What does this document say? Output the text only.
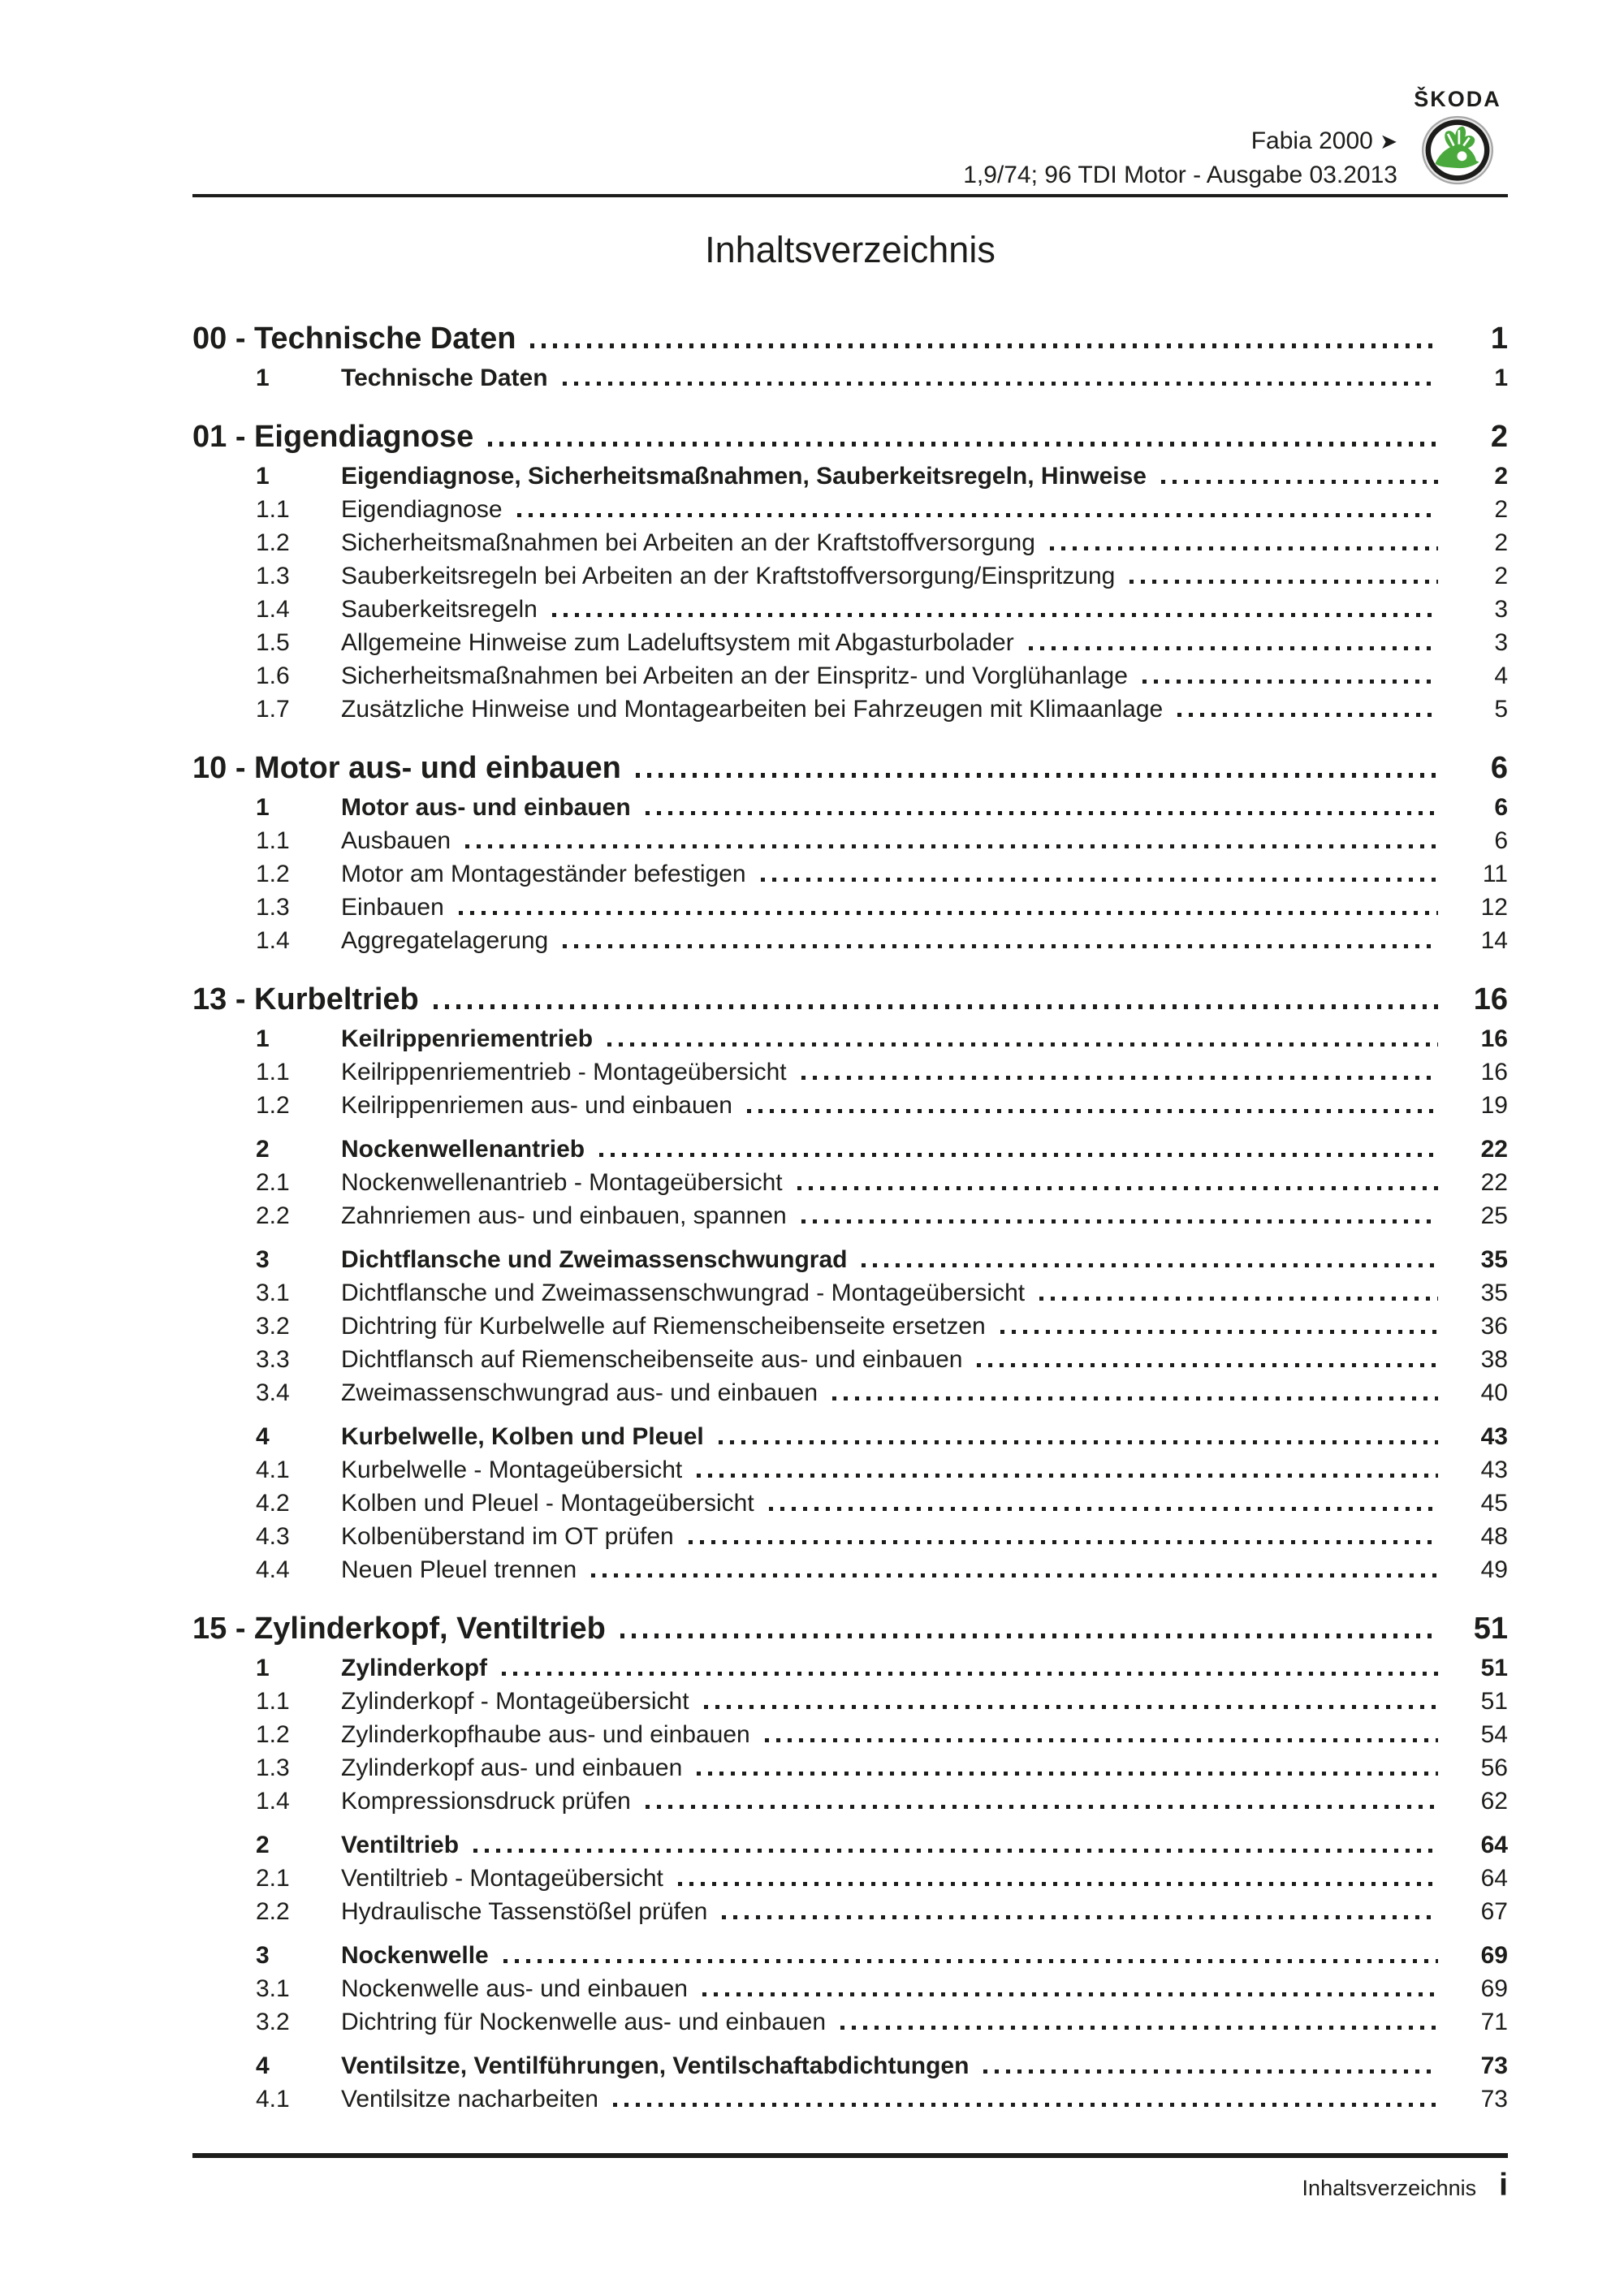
Fabia 2000 ➤
1,9/74; 96 TDI Motor - Ausgabe 03.2013
ŠKODA
Inhaltsverzeichnis
00 - Technische Daten	1
1	Technische Daten	1
01 - Eigendiagnose	2
1	Eigendiagnose, Sicherheitsmaßnahmen, Sauberkeitsregeln, Hinweise	2
1.1	Eigendiagnose	2
1.2	Sicherheitsmaßnahmen bei Arbeiten an der Kraftstoffversorgung	2
1.3	Sauberkeitsregeln bei Arbeiten an der Kraftstoffversorgung/Einspritzung	2
1.4	Sauberkeitsregeln	3
1.5	Allgemeine Hinweise zum Ladeluftsystem mit Abgasturbolader	3
1.6	Sicherheitsmaßnahmen bei Arbeiten an der Einspritz- und Vorglühanlage	4
1.7	Zusätzliche Hinweise und Montagearbeiten bei Fahrzeugen mit Klimaanlage	5
10 - Motor aus- und einbauen	6
1	Motor aus- und einbauen	6
1.1	Ausbauen	6
1.2	Motor am Montageständer befestigen	11
1.3	Einbauen	12
1.4	Aggregatelagerung	14
13 - Kurbeltrieb	16
1	Keilrippenriementrieb	16
1.1	Keilrippenriementrieb - Montageübersicht	16
1.2	Keilrippenriemen aus- und einbauen	19
2	Nockenwellenantrieb	22
2.1	Nockenwellenantrieb - Montageübersicht	22
2.2	Zahnriemen aus- und einbauen, spannen	25
3	Dichtflansche und Zweimassenschwungrad	35
3.1	Dichtflansche und Zweimassenschwungrad - Montageübersicht	35
3.2	Dichtring für Kurbelwelle auf Riemenscheibenseite ersetzen	36
3.3	Dichtflansch auf Riemenscheibenseite aus- und einbauen	38
3.4	Zweimassenschwungrad aus- und einbauen	40
4	Kurbelwelle, Kolben und Pleuel	43
4.1	Kurbelwelle - Montageübersicht	43
4.2	Kolben und Pleuel - Montageübersicht	45
4.3	Kolbenüberstand im OT prüfen	48
4.4	Neuen Pleuel trennen	49
15 - Zylinderkopf, Ventiltrieb	51
1	Zylinderkopf	51
1.1	Zylinderkopf - Montageübersicht	51
1.2	Zylinderkopfhaube aus- und einbauen	54
1.3	Zylinderkopf aus- und einbauen	56
1.4	Kompressionsdruck prüfen	62
2	Ventiltrieb	64
2.1	Ventiltrieb - Montageübersicht	64
2.2	Hydraulische Tassenstößel prüfen	67
3	Nockenwelle	69
3.1	Nockenwelle aus- und einbauen	69
3.2	Dichtring für Nockenwelle aus- und einbauen	71
4	Ventilsitze, Ventilführungen, Ventilschaftabdichtungen	73
4.1	Ventilsitze nacharbeiten	73
Inhaltsverzeichnis i
